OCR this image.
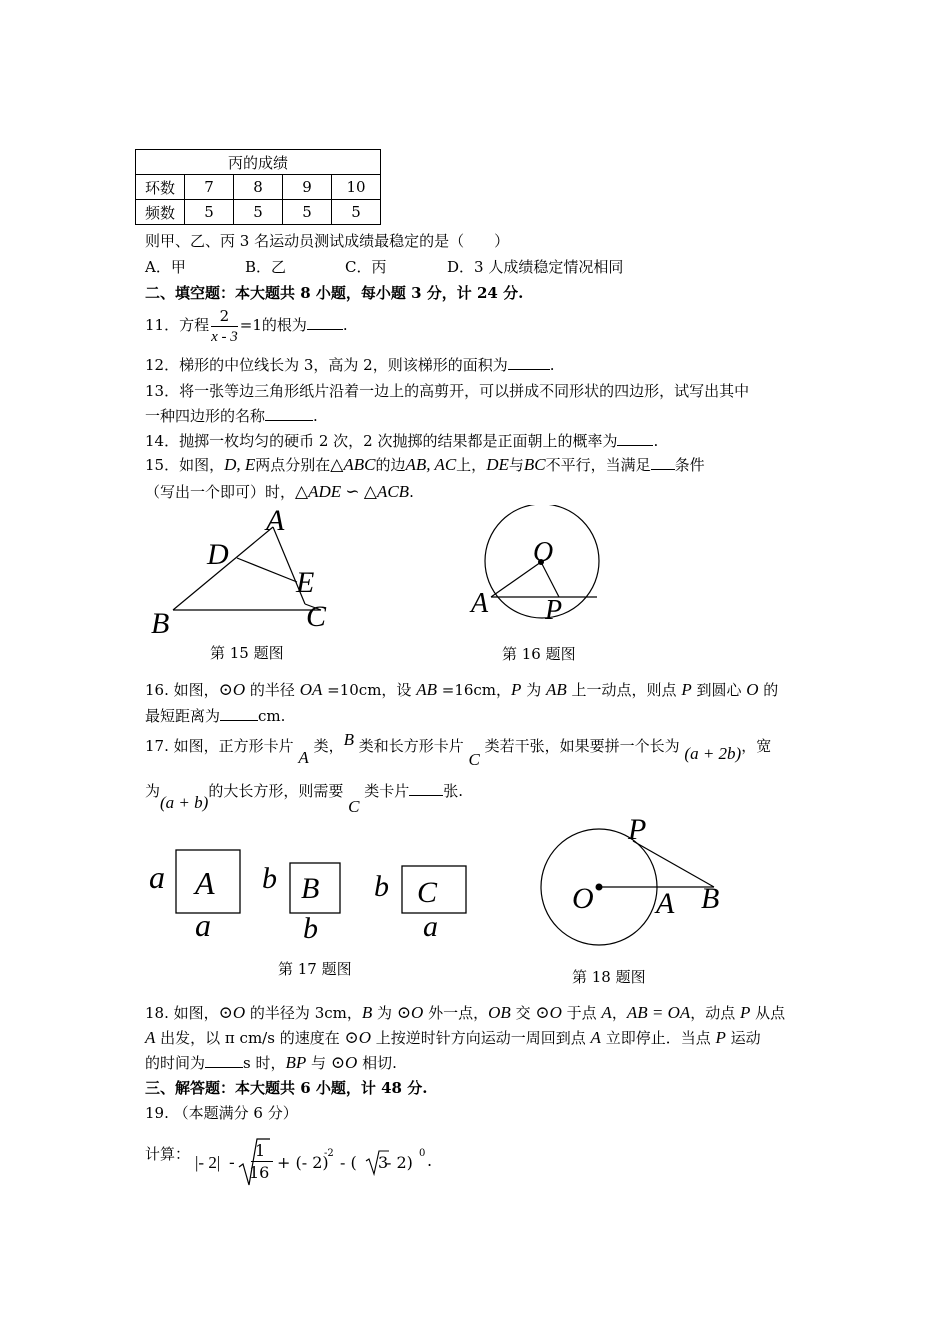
丙的成绩				
环数	7	8	9	10
频数	5	5	5	5
则甲、乙、丙 3 名运动员测试成绩最稳定的是（　　）
A．甲	B．乙	C．丙	D．3 人成绩稳定情况相同
二、填空题：本大题共 8 小题，每小题 3 分，计 24 分.
11．方程 $\frac{2}{x - 3} =1$的根为 .
12．梯形的中位线长为 3，高为 2，则该梯形的面积为	.
13．将一张等边三角形纸片沿着一边上的高剪开，可以拼成不同形状的四边形，试写出其中
一种四边形的名称	.
14．抛掷一枚均匀的硬币 2 次，2 次抛掷的结果都是正面朝上的概率为 .
15．如图，D, E两点分别在△ABC的边AB, AC上，DE与BC不平行，当满足 条件
（写出一个即可）时，△ADE ∽ △ACB.
A
D
E
B	C
第 15 题图
O
A P
第 16 题图
16. 如图，⊙O 的半径 OA =10cm，设 AB =16cm，P 为 AB 上一动点，则点 P 到圆心 O 的
最短距离为	cm.
17. 如图，正方形卡片 A 类，B 类和长方形卡片 C 类若干张，如果要拼一个长为 (a + 2b)，宽
为(a + b)的大长方形，则需要 C 类卡片 张.
a A
a
b B
b
b C
a
第 17 题图
P
O A B
第 18 题图
18. 如图，⊙O 的半径为 3cm，B 为 ⊙O 外一点，OB 交 ⊙O 于点 A，AB = OA，动点 P 从点
A 出发，以 π cm/s 的速度在 ⊙O 上按逆时针方向运动一周回到点 A 立即停止．当点 P 运动
的时间为	s 时，BP 与 ⊙O 相切.
三、解答题：本大题共 6 小题，计 48 分.
19. （本题满分 6 分）
计算： |- 2| -
1
16
+ (- 2)
-2 - ( 3
- 2) 0 .
